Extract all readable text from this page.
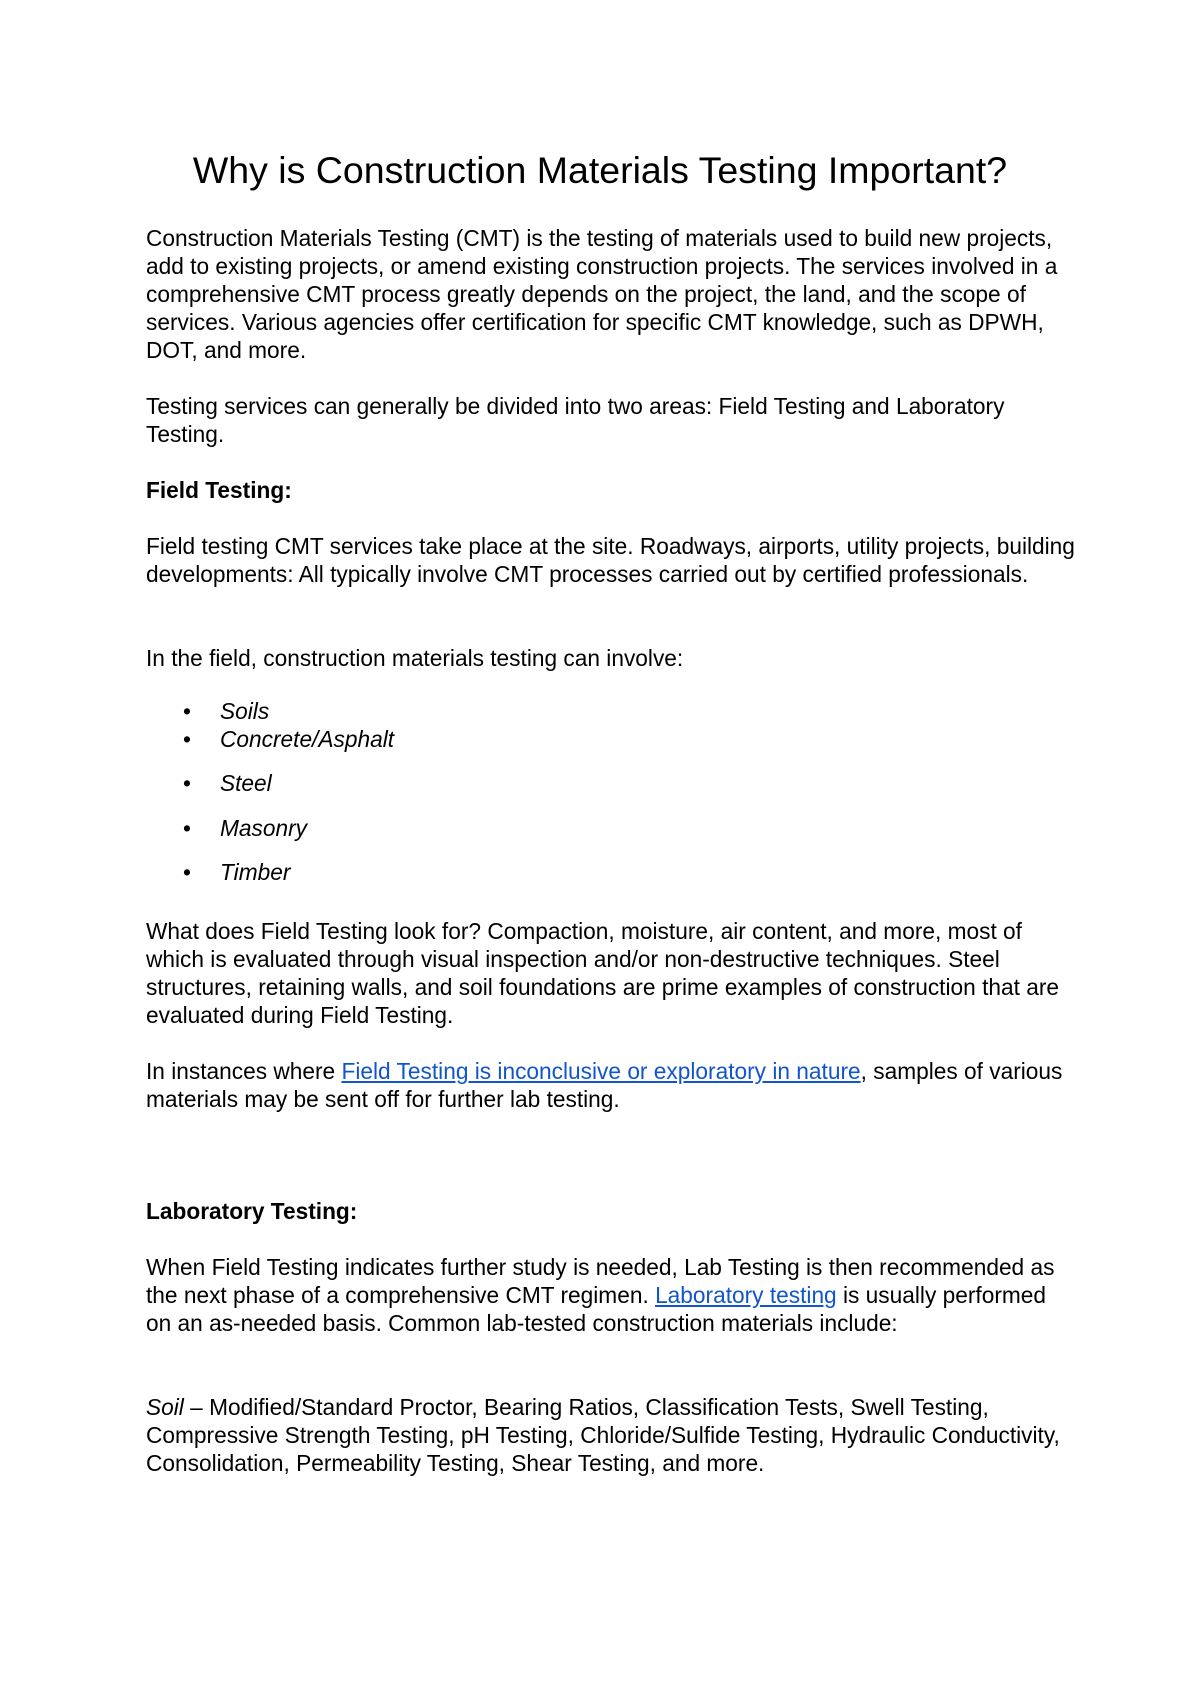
Why is Construction Materials Testing Important?

Construction Materials Testing (CMT) is the testing of materials used to build new projects, add to existing projects, or amend existing construction projects. The services involved in a comprehensive CMT process greatly depends on the project, the land, and the scope of services. Various agencies offer certification for specific CMT knowledge, such as DPWH, DOT, and more.

Testing services can generally be divided into two areas: Field Testing and Laboratory Testing.

Field Testing:

Field testing CMT services take place at the site. Roadways, airports, utility projects, building developments: All typically involve CMT processes carried out by certified professionals.

In the field, construction materials testing can involve:

• Soils
• Concrete/Asphalt
• Steel
• Masonry
• Timber

What does Field Testing look for? Compaction, moisture, air content, and more, most of which is evaluated through visual inspection and/or non-destructive techniques. Steel structures, retaining walls, and soil foundations are prime examples of construction that are evaluated during Field Testing.

In instances where Field Testing is inconclusive or exploratory in nature, samples of various materials may be sent off for further lab testing.

Laboratory Testing:

When Field Testing indicates further study is needed, Lab Testing is then recommended as the next phase of a comprehensive CMT regimen. Laboratory testing is usually performed on an as-needed basis. Common lab-tested construction materials include:

Soil – Modified/Standard Proctor, Bearing Ratios, Classification Tests, Swell Testing, Compressive Strength Testing, pH Testing, Chloride/Sulfide Testing, Hydraulic Conductivity, Consolidation, Permeability Testing, Shear Testing, and more.
